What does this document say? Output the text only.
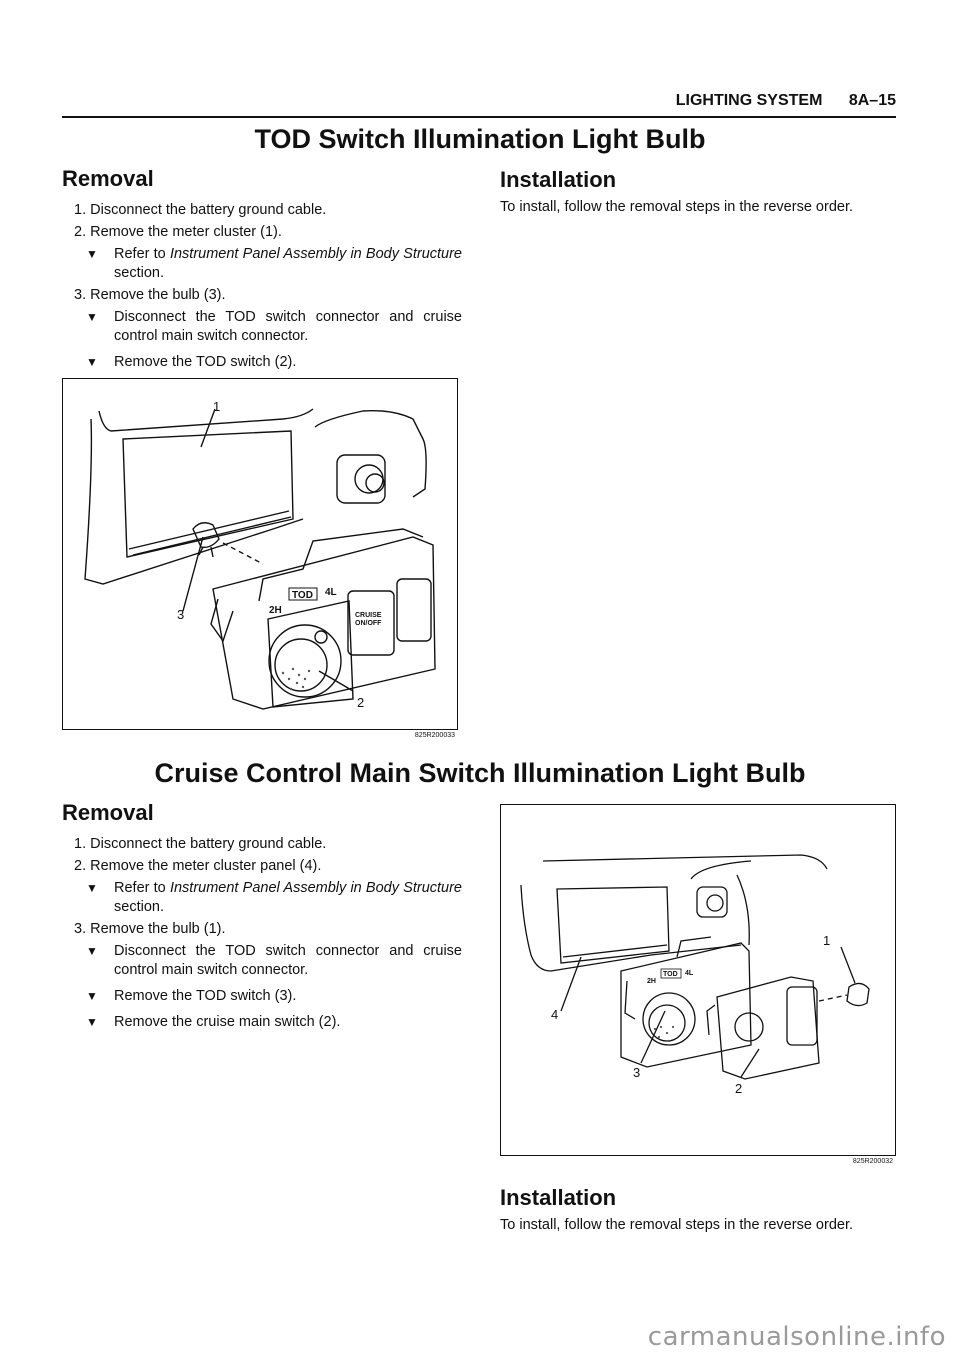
LIGHTING SYSTEM 8A–15
TOD Switch Illumination Light Bulb
Removal
1. Disconnect the battery ground cable.
2. Remove the meter cluster (1).
▼ Refer to Instrument Panel Assembly in Body Structure section.
3. Remove the bulb (3).
▼ Disconnect the TOD switch connector and cruise control main switch connector.
▼ Remove the TOD switch (2).
Installation
To install, follow the removal steps in the reverse order.
2H
TOD 4L
CRUISE
ON/OFF
1
2
3
825R200033
Cruise Control Main Switch Illumination Light Bulb
Removal
1. Disconnect the battery ground cable.
2. Remove the meter cluster panel (4).
▼ Refer to Instrument Panel Assembly in Body Structure section.
3. Remove the bulb (1).
▼ Disconnect the TOD switch connector and cruise control main switch connector.
▼ Remove the TOD switch (3).
▼ Remove the cruise main switch (2).
2H
TOD 4L
1
2
3
4
825R200032
Installation
To install, follow the removal steps in the reverse order.
carmanualsonline.info
